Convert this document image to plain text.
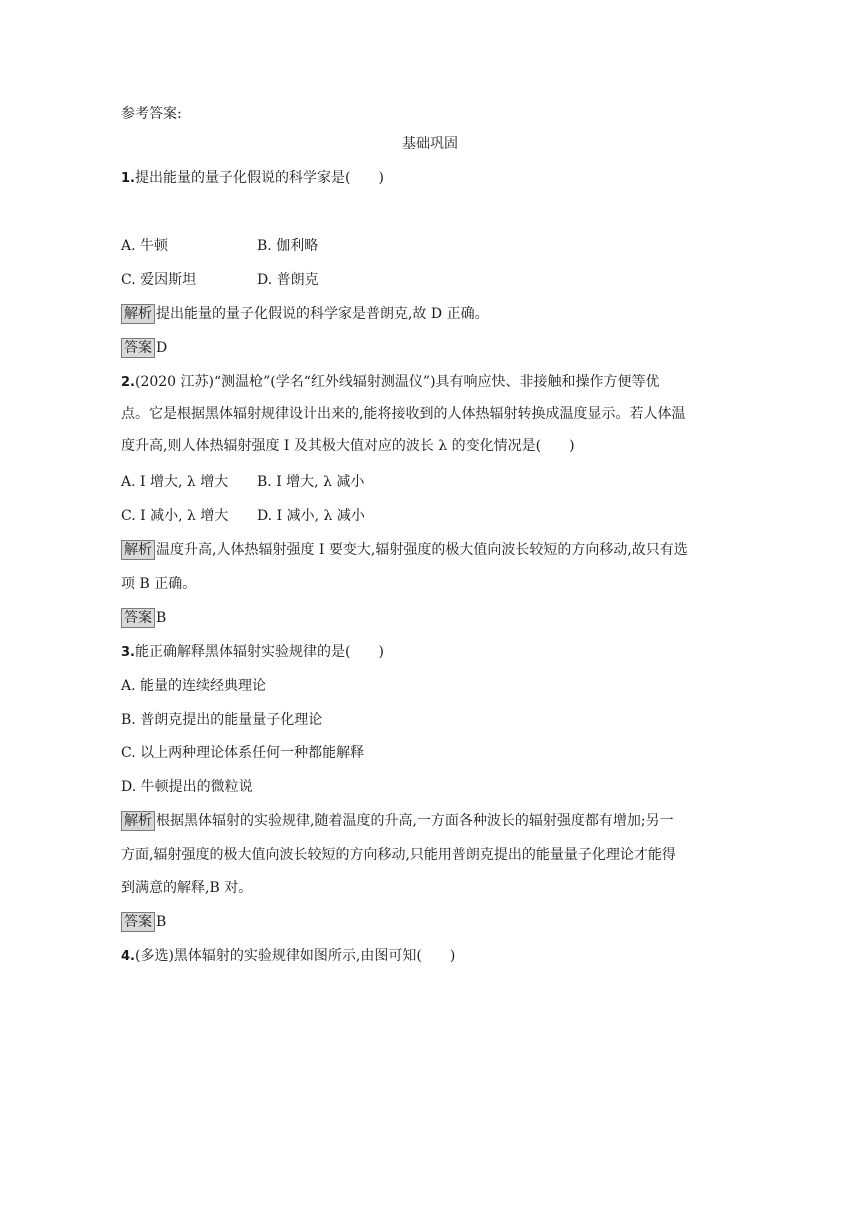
参考答案:
基础巩固
1.提出能量的量子化假说的科学家是(　　)
A. 牛顿	B. 伽利略
C. 爱因斯坦	D. 普朗克
解析 提出能量的量子化假说的科学家是普朗克,故 D 正确。
答案 D
2.(2020 江苏)“测温枪”(学名“红外线辐射测温仪”)具有响应快、非接触和操作方便等优
点。它是根据黑体辐射规律设计出来的,能将接收到的人体热辐射转换成温度显示。若人体温
度升高,则人体热辐射强度 I 及其极大值对应的波长 λ 的变化情况是(　　)
A. I 增大, λ 增大 B. I 增大, λ 减小
C. I 减小, λ 增大 D. I 减小, λ 减小
解析 温度升高,人体热辐射强度 I 要变大,辐射强度的极大值向波长较短的方向移动,故只有选
项 B 正确。
答案 B
3.能正确解释黑体辐射实验规律的是(　　)
A. 能量的连续经典理论
B. 普朗克提出的能量量子化理论
C. 以上两种理论体系任何一种都能解释
D. 牛顿提出的微粒说
解析 根据黑体辐射的实验规律,随着温度的升高,一方面各种波长的辐射强度都有增加;另一
方面,辐射强度的极大值向波长较短的方向移动,只能用普朗克提出的能量量子化理论才能得
到满意的解释,B 对。
答案 B
4.(多选)黑体辐射的实验规律如图所示,由图可知(　　)
